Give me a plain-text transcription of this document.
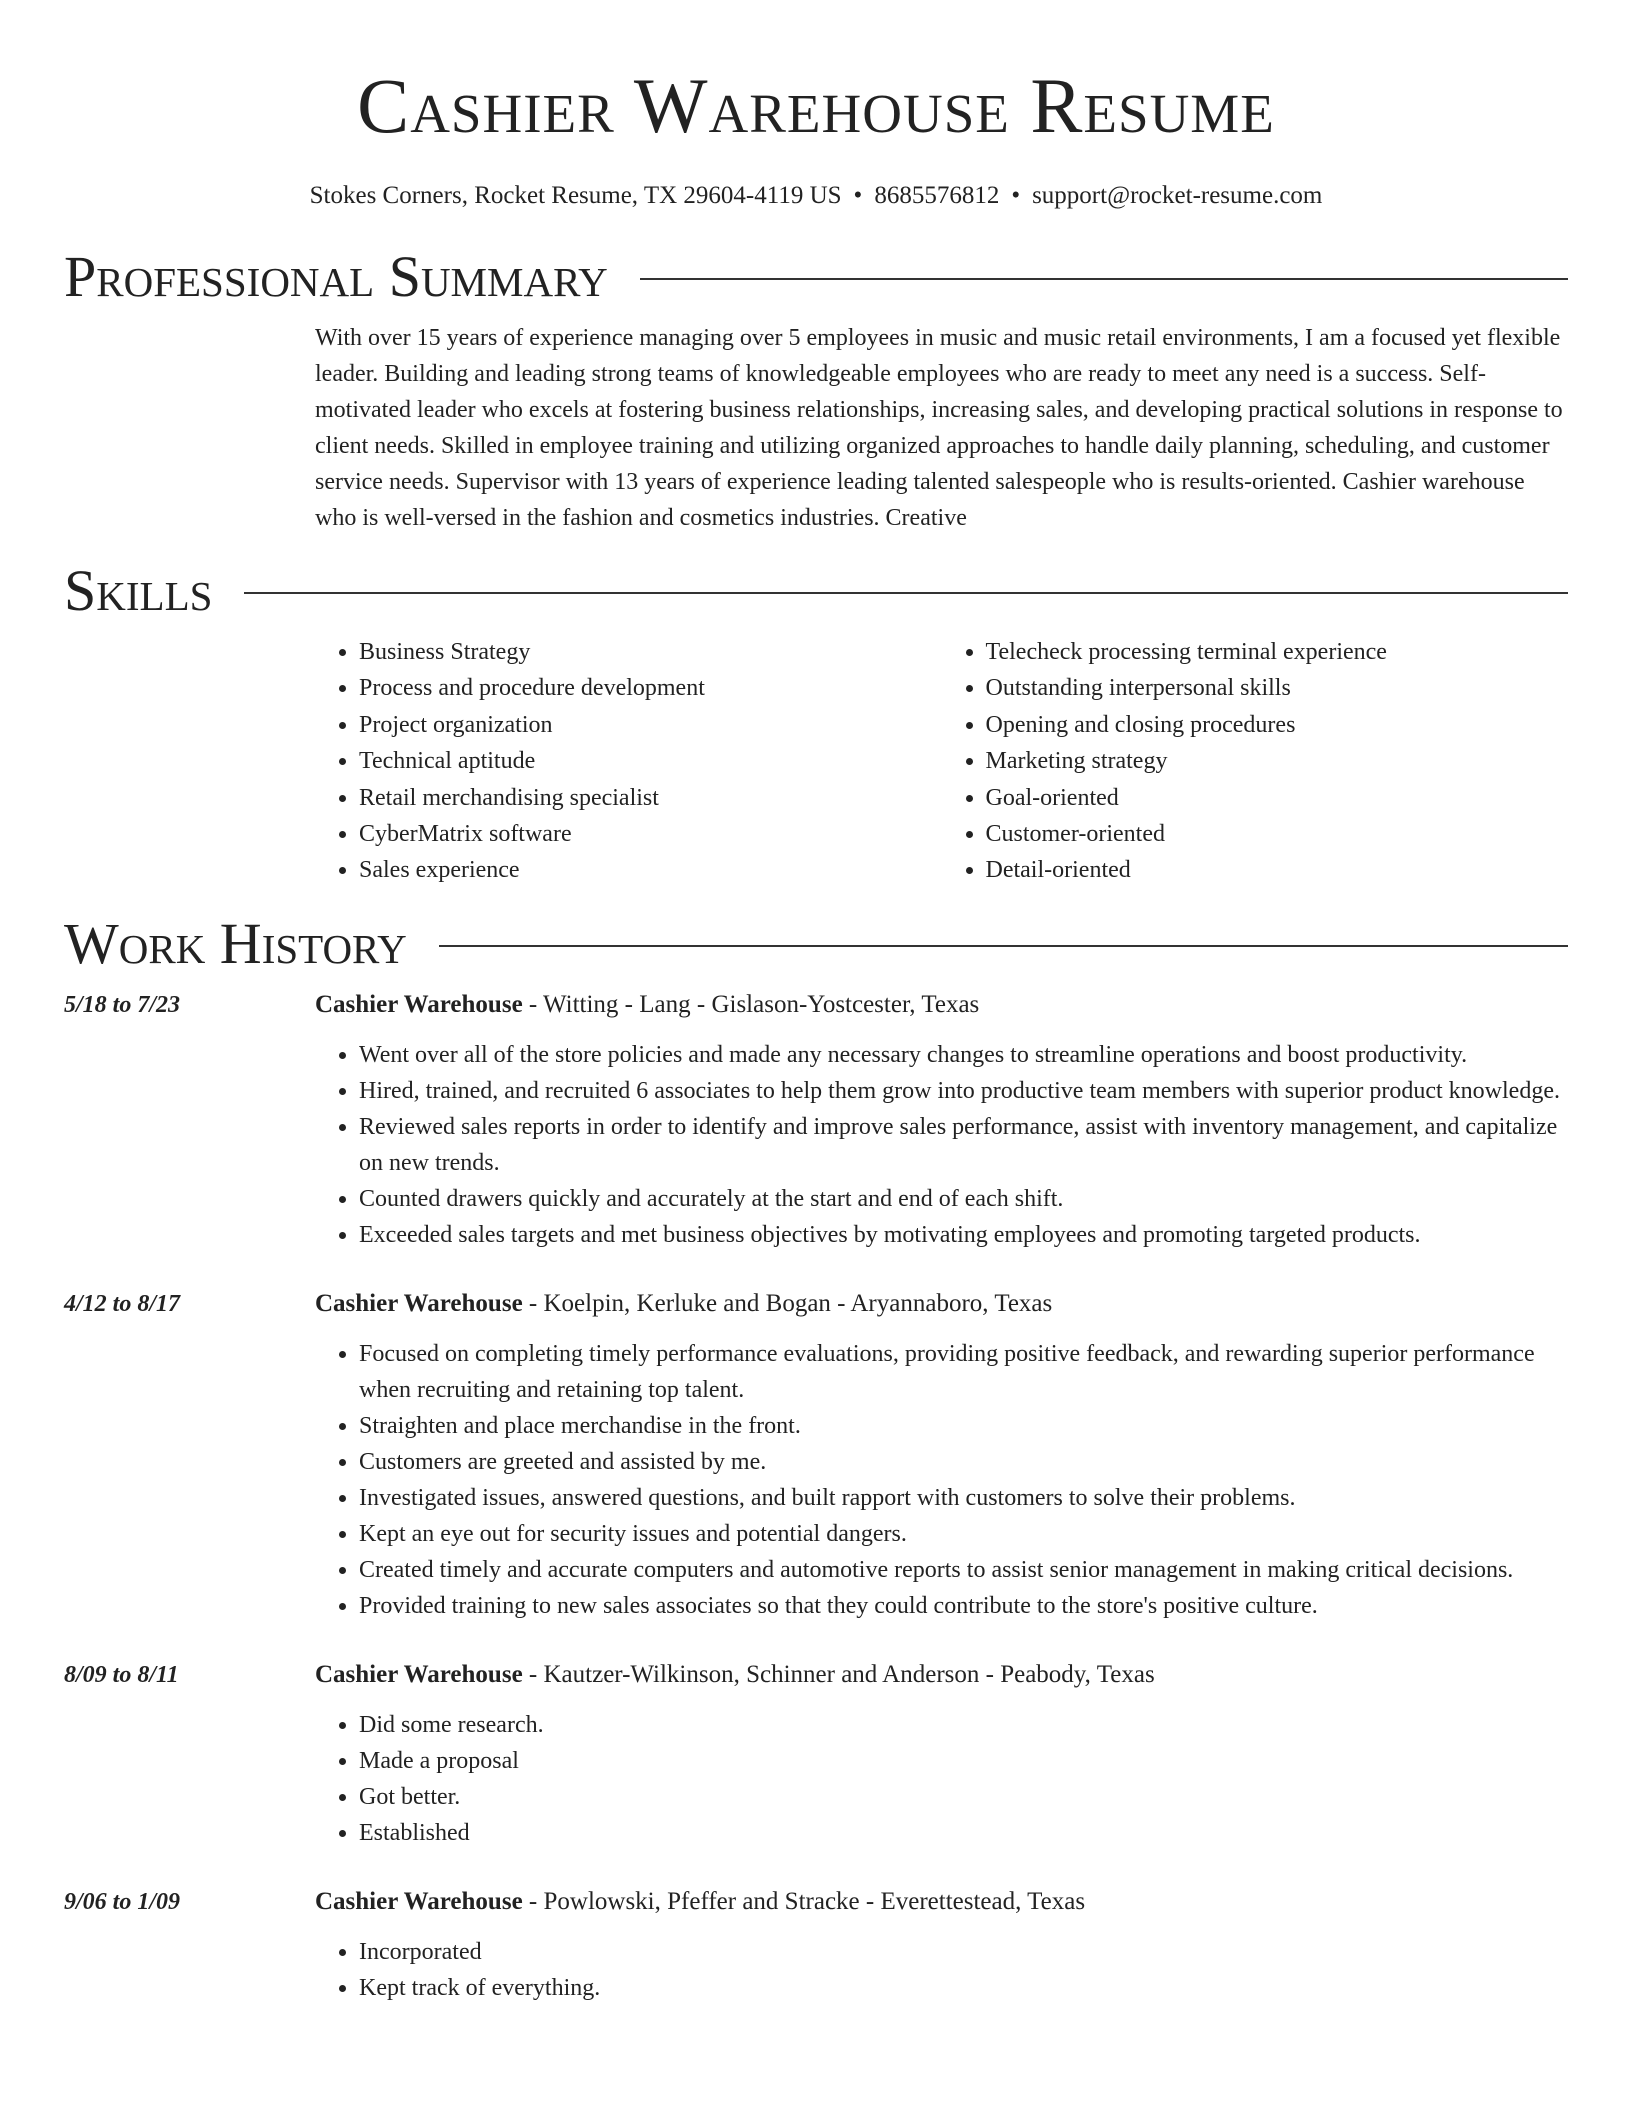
Cashier Warehouse Resume
Stokes Corners, Rocket Resume, TX 29604-4119 US • 8685576812 • support@rocket-resume.com
Professional Summary

With over 15 years of experience managing over 5 employees in music and music retail environments, I am a focused yet flexible leader. Building and leading strong teams of knowledgeable employees who are ready to meet any need is a success. Self-motivated leader who excels at fostering business relationships, increasing sales, and developing practical solutions in response to client needs. Skilled in employee training and utilizing organized approaches to handle daily planning, scheduling, and customer service needs. Supervisor with 13 years of experience leading talented salespeople who is results-oriented. Cashier warehouse who is well-versed in the fashion and cosmetics industries. Creative

Skills
• Business Strategy
• Process and procedure development
• Project organization
• Technical aptitude
• Retail merchandising specialist
• CyberMatrix software
• Sales experience
• Telecheck processing terminal experience
• Outstanding interpersonal skills
• Opening and closing procedures
• Marketing strategy
• Goal-oriented
• Customer-oriented
• Detail-oriented
Work History
5/18 to 7/23	Cashier Warehouse - Witting - Lang - Gislason-Yostcester, Texas
• Went over all of the store policies and made any necessary changes to streamline operations and boost productivity.
• Hired, trained, and recruited 6 associates to help them grow into productive team members with superior product knowledge.
• Reviewed sales reports in order to identify and improve sales performance, assist with inventory management, and capitalize on new trends.
• Counted drawers quickly and accurately at the start and end of each shift.
• Exceeded sales targets and met business objectives by motivating employees and promoting targeted products.
4/12 to 8/17	Cashier Warehouse - Koelpin, Kerluke and Bogan - Aryannaboro, Texas
• Focused on completing timely performance evaluations, providing positive feedback, and rewarding superior performance when recruiting and retaining top talent.
• Straighten and place merchandise in the front.
• Customers are greeted and assisted by me.
• Investigated issues, answered questions, and built rapport with customers to solve their problems.
• Kept an eye out for security issues and potential dangers.
• Created timely and accurate computers and automotive reports to assist senior management in making critical decisions.
• Provided training to new sales associates so that they could contribute to the store's positive culture.
8/09 to 8/11	Cashier Warehouse - Kautzer-Wilkinson, Schinner and Anderson - Peabody, Texas
• Did some research.
• Made a proposal
• Got better.
• Established
9/06 to 1/09	Cashier Warehouse - Powlowski, Pfeffer and Stracke - Everettestead, Texas
• Incorporated
• Kept track of everything.
